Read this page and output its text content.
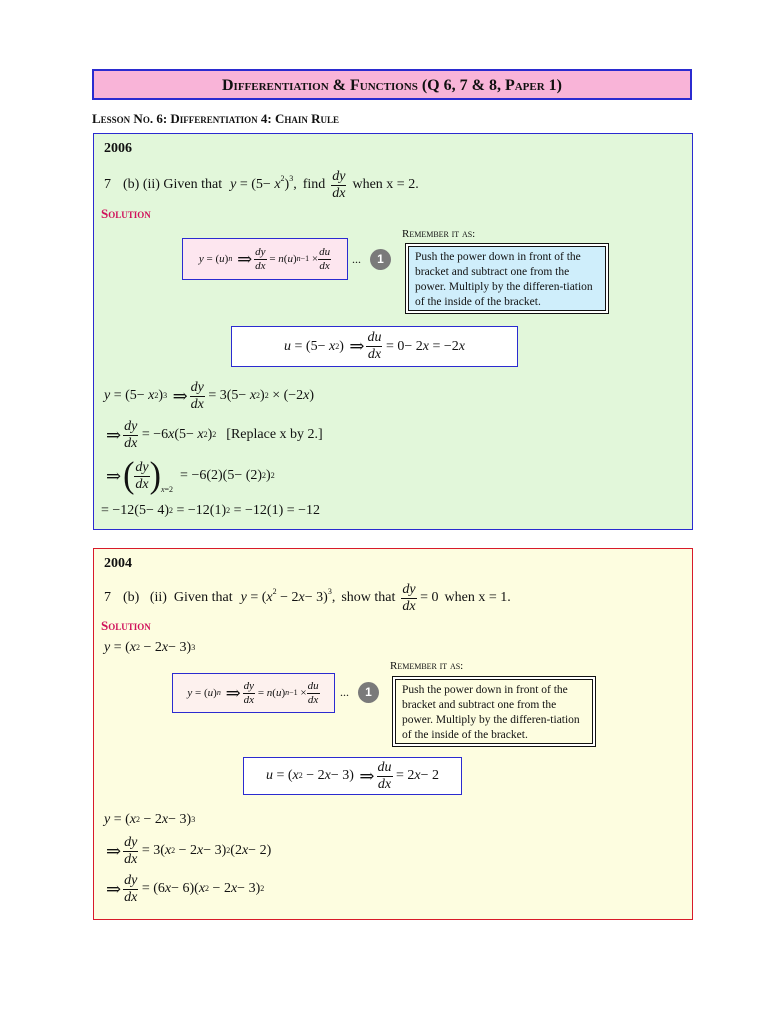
Differentiation & Functions (Q 6, 7 & 8, Paper 1)
Lesson No. 6: Differentiation 4: Chain Rule
2006
7 (b) (ii) Given that $y = (5- x^2)^3$, find $\frac{dy}{dx}$ when x = 2.
Solution
Remember it as:
y = ( u ) n
⇒ $\frac{dy}{dx} = n$ ( u ) $n-1 \times \frac{du}{dx}$ ...	1	Push the power down in front of the bracket and subtract one from the power. Multiply by the differen-tiation of the inside of the bracket.
u = (5− x 2 ) ⇒ $\frac{du}{dx} = 0- 2$ x = −2 x
y = (5− x 2 ) 3
⇒ $\frac{dy}{dx} = 3(5- x$ 2 ) 2 × (−2 x )
⇒ $\frac{dy}{dx} = -6$ x (5− x 2 ) 2 [Replace x by 2.]
⇒ ( $\frac{dy}{dx}$ ) x=2
= −6(2)(5− (2) 2 ) 2
= −12(5− 4) 2 = −12(1) 2 = −12(1) = −12
2004
7 (b)   (ii)  Given that $y = (x^2 - 2x- 3)^3$, show that $\frac{dy}{dx} = 0$ when x = 1.
Solution
y = ( x 2 − 2 x − 3) 3
Remember it as:
y = ( u ) n
⇒ $\frac{dy}{dx} = n$ ( u ) $n-1 \times \frac{du}{dx}$ ...	1	Push the power down in front of the bracket and subtract one from the power. Multiply by the differen-tiation of the inside of the bracket.
u = ( x 2 − 2 x − 3) ⇒ $\frac{du}{dx} = 2$ x − 2
y = ( x 2 − 2 x − 3) 3
⇒ $\frac{dy}{dx} = 3$( x 2 − 2 x − 3) 2 (2 x − 2)
⇒ $\frac{dy}{dx} = (6$ x − 6)( x 2 − 2 x − 3) 2
